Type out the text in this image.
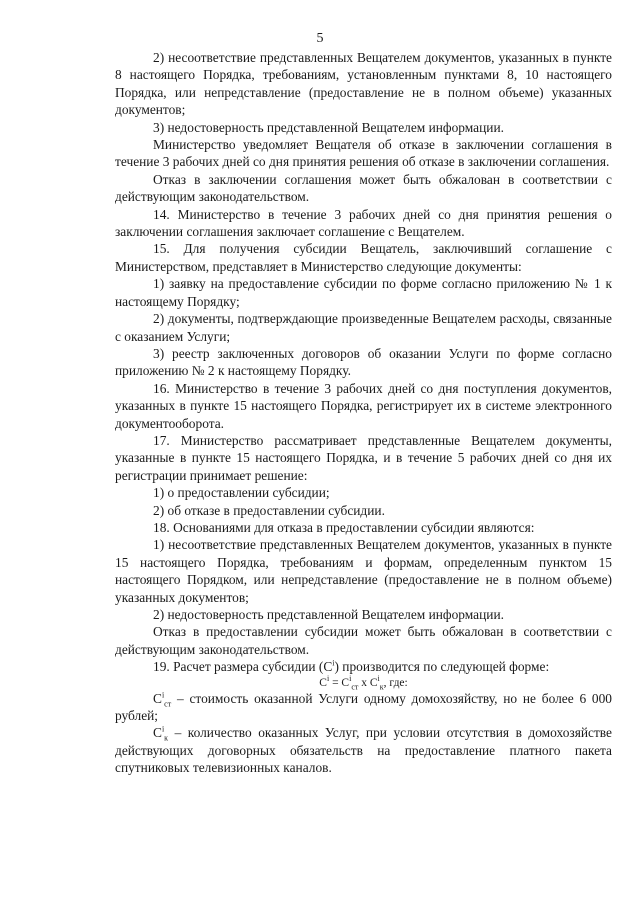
5

2) несоответствие представленных Вещателем документов, указанных в пункте 8 настоящего Порядка, требованиям, установленным пунктами 8, 10 настоящего Порядка, или непредставление (предоставление не в полном объеме) указанных документов;

3) недостоверность представленной Вещателем информации.

Министерство уведомляет Вещателя об отказе в заключении соглашения в течение 3 рабочих дней со дня принятия решения об отказе в заключении соглашения.

Отказ в заключении соглашения может быть обжалован в соответствии с действующим законодательством.

14. Министерство в течение 3 рабочих дней со дня принятия решения о заключении соглашения заключает соглашение с Вещателем.

15. Для получения субсидии Вещатель, заключивший соглашение с Министерством, представляет в Министерство следующие документы:

1) заявку на предоставление субсидии по форме согласно приложению № 1 к настоящему Порядку;

2) документы, подтверждающие произведенные Вещателем расходы, связанные с оказанием Услуги;

3) реестр заключенных договоров об оказании Услуги по форме согласно приложению № 2 к настоящему Порядку.

16. Министерство в течение 3 рабочих дней со дня поступления документов, указанных в пункте 15 настоящего Порядка, регистрирует их в системе электронного документооборота.

17. Министерство рассматривает представленные Вещателем документы, указанные в пункте 15 настоящего Порядка, и в течение 5 рабочих дней со дня их регистрации принимает решение:

1) о предоставлении субсидии;

2) об отказе в предоставлении субсидии.

18. Основаниями для отказа в предоставлении субсидии являются:

1) несоответствие представленных Вещателем документов, указанных в пункте 15 настоящего Порядка, требованиям и формам, определенным пунктом 15 настоящего Порядком, или непредставление (предоставление не в полном объеме) указанных документов;

2) недостоверность представленной Вещателем информации.

Отказ в предоставлении субсидии может быть обжалован в соответствии с действующим законодательством.

19. Расчет размера субсидии $(С^i)$ производится по следующей форме:

$С^i = С^i_{ст}$ х $С^i_к$, где:

$С^i_{ст}$ – стоимость оказанной Услуги одному домохозяйству, но не более 6 000 рублей;

$С^i_к$ – количество оказанных Услуг, при условии отсутствия в домохозяйстве действующих договорных обязательств на предоставление платного пакета спутниковых телевизионных каналов.
